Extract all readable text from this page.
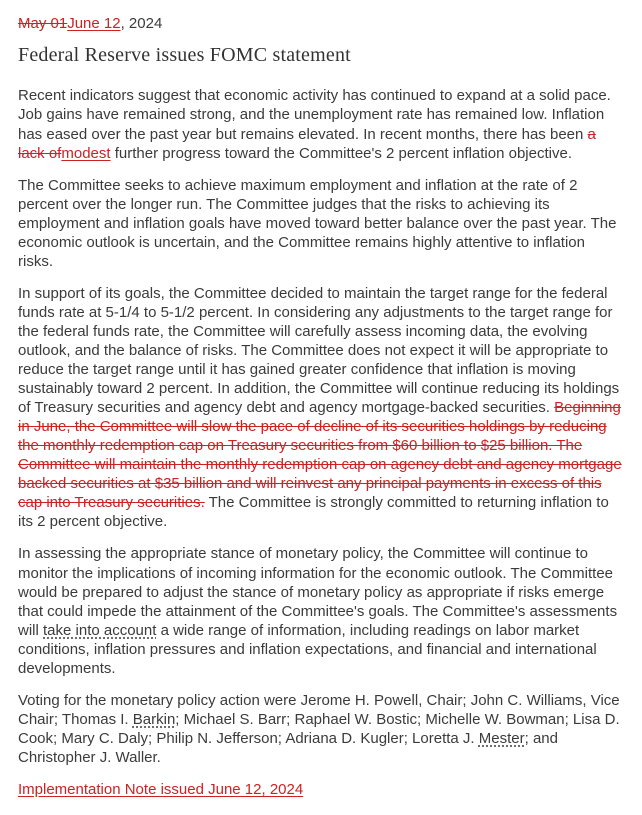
May 01June 12, 2024
Federal Reserve issues FOMC statement

Recent indicators suggest that economic activity has continued to expand at a solid pace. Job gains have remained strong, and the unemployment rate has remained low. Inflation has eased over the past year but remains elevated. In recent months, there has been a lack ofmodest further progress toward the Committee's 2 percent inflation objective.

The Committee seeks to achieve maximum employment and inflation at the rate of 2 percent over the longer run. The Committee judges that the risks to achieving its employment and inflation goals have moved toward better balance over the past year. The economic outlook is uncertain, and the Committee remains highly attentive to inflation risks.

In support of its goals, the Committee decided to maintain the target range for the federal funds rate at 5-1/4 to 5-1/2 percent. In considering any adjustments to the target range for the federal funds rate, the Committee will carefully assess incoming data, the evolving outlook, and the balance of risks. The Committee does not expect it will be appropriate to reduce the target range until it has gained greater confidence that inflation is moving sustainably toward 2 percent. In addition, the Committee will continue reducing its holdings of Treasury securities and agency debt and agency mortgage-backed securities. Beginning in June, the Committee will slow the pace of decline of its securities holdings by reducing the monthly redemption cap on Treasury securities from $60 billion to $25 billion. The Committee will maintain the monthly redemption cap on agency debt and agency mortgage backed securities at $35 billion and will reinvest any principal payments in excess of this cap into Treasury securities. The Committee is strongly committed to returning inflation to its 2 percent objective.

In assessing the appropriate stance of monetary policy, the Committee will continue to monitor the implications of incoming information for the economic outlook. The Committee would be prepared to adjust the stance of monetary policy as appropriate if risks emerge that could impede the attainment of the Committee's goals. The Committee's assessments will take into account a wide range of information, including readings on labor market conditions, inflation pressures and inflation expectations, and financial and international developments.

Voting for the monetary policy action were Jerome H. Powell, Chair; John C. Williams, Vice Chair; Thomas I. Barkin; Michael S. Barr; Raphael W. Bostic; Michelle W. Bowman; Lisa D. Cook; Mary C. Daly; Philip N. Jefferson; Adriana D. Kugler; Loretta J. Mester; and Christopher J. Waller.

Implementation Note issued June 12, 2024
